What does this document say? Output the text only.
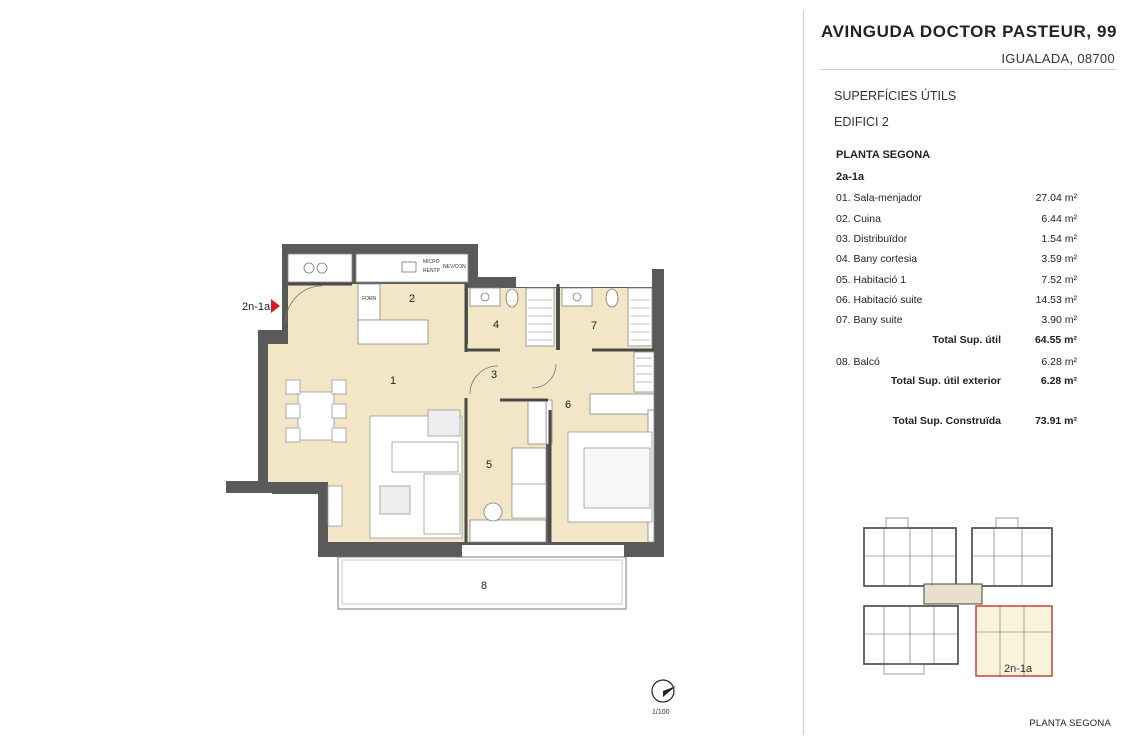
1
2
3
4
5
6
7
8
MICRO
RENTP
NEV/CON
FORN
2n-1a
1/100
AVINGUDA DOCTOR PASTEUR, 99
IGUALADA, 08700
SUPERFÍCIES ÚTILS
EDIFICI 2
PLANTA SEGONA
2a-1a
01. Sala-menjador	27.04 m²
02. Cuina	6.44 m²
03. Distribuïdor	1.54 m²
04. Bany cortesia	3.59 m²
05. Habitació 1	7.52 m²
06. Habitació suite	14.53 m²
07. Bany suite	3.90 m²
Total Sup. útil	64.55 m²
08. Balcó	6.28 m²
Total Sup. útil exterior	6.28 m²
Total Sup. Construïda	73.91 m²
2n-1a
PLANTA SEGONA
